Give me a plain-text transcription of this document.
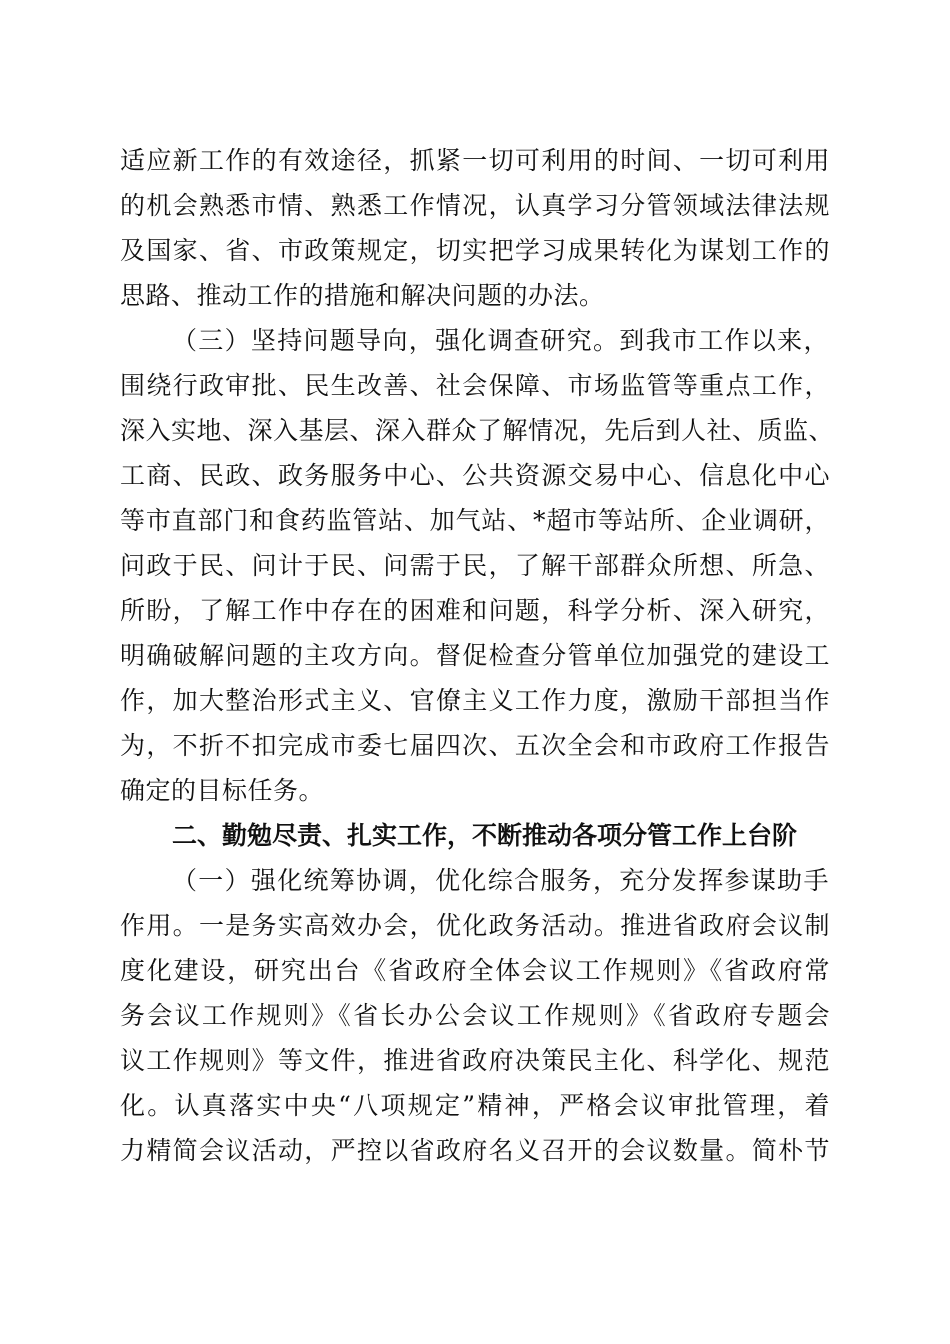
适应新工作的有效途径，抓紧一切可利用的时间、一切可利用
的机会熟悉市情、熟悉工作情况，认真学习分管领域法律法规
及国家、省、市政策规定，切实把学习成果转化为谋划工作的
思路、推动工作的措施和解决问题的办法。
（三）坚持问题导向，强化调查研究。到我市工作以来，
围绕行政审批、民生改善、社会保障、市场监管等重点工作，
深入实地、深入基层、深入群众了解情况，先后到人社、质监、
工商、民政、政务服务中心、公共资源交易中心、信息化中心
等市直部门和食药监管站、加气站、*超市等站所、企业调研，
问政于民、问计于民、问需于民，了解干部群众所想、所急、
所盼，了解工作中存在的困难和问题，科学分析、深入研究，
明确破解问题的主攻方向。督促检查分管单位加强党的建设工
作，加大整治形式主义、官僚主义工作力度，激励干部担当作
为，不折不扣完成市委七届四次、五次全会和市政府工作报告
确定的目标任务。
二、勤勉尽责、扎实工作，不断推动各项分管工作上台阶
（一）强化统筹协调，优化综合服务，充分发挥参谋助手
作用。一是务实高效办会，优化政务活动。推进省政府会议制
度化建设，研究出台《省政府全体会议工作规则》《省政府常
务会议工作规则》《省长办公会议工作规则》《省政府专题会
议工作规则》等文件，推进省政府决策民主化、科学化、规范
化。认真落实中央“八项规定”精神，严格会议审批管理，着
力精简会议活动，严控以省政府名义召开的会议数量。简朴节
